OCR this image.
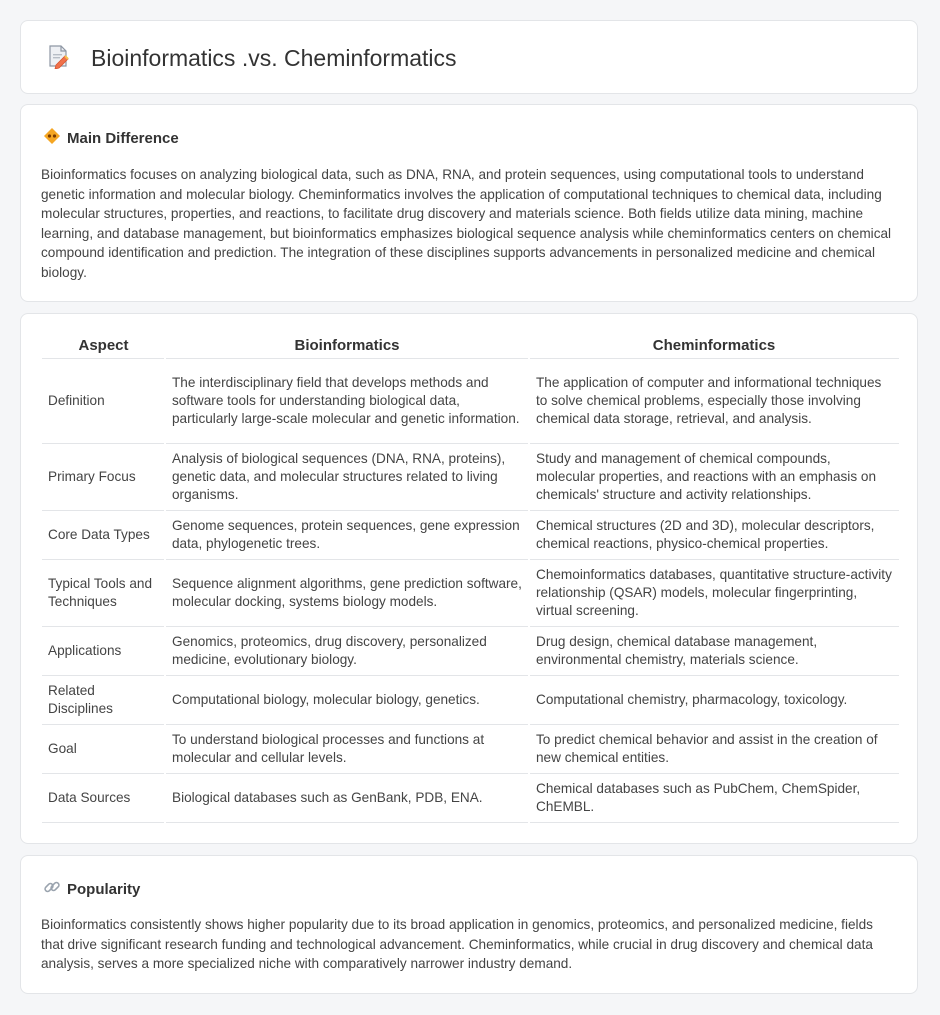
Bioinformatics .vs. Cheminformatics
Main Difference

Bioinformatics focuses on analyzing biological data, such as DNA, RNA, and protein sequences, using computational tools to understand genetic information and molecular biology. Cheminformatics involves the application of computational techniques to chemical data, including molecular structures, properties, and reactions, to facilitate drug discovery and materials science. Both fields utilize data mining, machine learning, and database management, but bioinformatics emphasizes biological sequence analysis while cheminformatics centers on chemical compound identification and prediction. The integration of these disciplines supports advancements in personalized medicine and chemical biology.

Aspect	Bioinformatics	Cheminformatics
Definition	The interdisciplinary field that develops methods and software tools for understanding biological data, particularly large-scale molecular and genetic information.	The application of computer and informational techniques to solve chemical problems, especially those involving chemical data storage, retrieval, and analysis.
Primary Focus	Analysis of biological sequences (DNA, RNA, proteins), genetic data, and molecular structures related to living organisms.	Study and management of chemical compounds, molecular properties, and reactions with an emphasis on chemicals' structure and activity relationships.
Core Data Types	Genome sequences, protein sequences, gene expression data, phylogenetic trees.	Chemical structures (2D and 3D), molecular descriptors, chemical reactions, physico-chemical properties.
Typical Tools and Techniques	Sequence alignment algorithms, gene prediction software, molecular docking, systems biology models.	Chemoinformatics databases, quantitative structure-activity relationship (QSAR) models, molecular fingerprinting, virtual screening.
Applications	Genomics, proteomics, drug discovery, personalized medicine, evolutionary biology.	Drug design, chemical database management, environmental chemistry, materials science.
Related Disciplines	Computational biology, molecular biology, genetics.	Computational chemistry, pharmacology, toxicology.
Goal	To understand biological processes and functions at molecular and cellular levels.	To predict chemical behavior and assist in the creation of new chemical entities.
Data Sources	Biological databases such as GenBank, PDB, ENA.	Chemical databases such as PubChem, ChemSpider, ChEMBL.
Popularity

Bioinformatics consistently shows higher popularity due to its broad application in genomics, proteomics, and personalized medicine, fields that drive significant research funding and technological advancement. Cheminformatics, while crucial in drug discovery and chemical data analysis, serves a more specialized niche with comparatively narrower industry demand.
